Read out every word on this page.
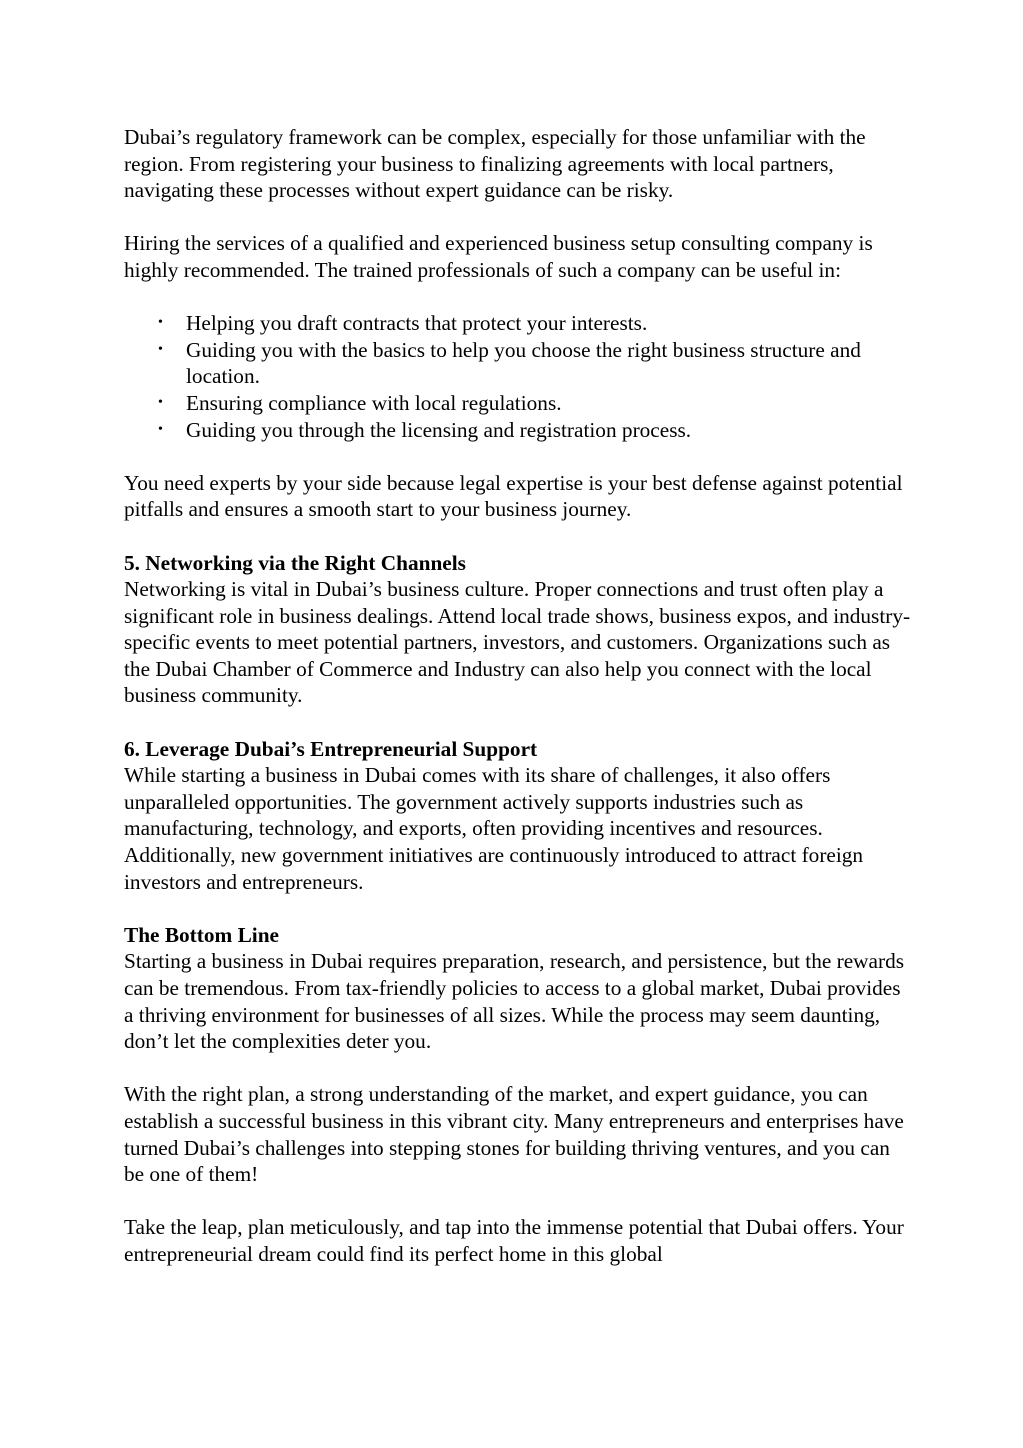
Dubai’s regulatory framework can be complex, especially for those unfamiliar with the region. From registering your business to finalizing agreements with local partners, navigating these processes without expert guidance can be risky.

Hiring the services of a qualified and experienced business setup consulting company is highly recommended. The trained professionals of such a company can be useful in:

• Helping you draft contracts that protect your interests.
• Guiding you with the basics to help you choose the right business structure and location.
• Ensuring compliance with local regulations.
• Guiding you through the licensing and registration process.

You need experts by your side because legal expertise is your best defense against potential pitfalls and ensures a smooth start to your business journey.

5. Networking via the Right Channels
Networking is vital in Dubai’s business culture. Proper connections and trust often play a significant role in business dealings. Attend local trade shows, business expos, and industry-specific events to meet potential partners, investors, and customers. Organizations such as the Dubai Chamber of Commerce and Industry can also help you connect with the local business community.

6. Leverage Dubai’s Entrepreneurial Support
While starting a business in Dubai comes with its share of challenges, it also offers unparalleled opportunities. The government actively supports industries such as manufacturing, technology, and exports, often providing incentives and resources. Additionally, new government initiatives are continuously introduced to attract foreign investors and entrepreneurs.

The Bottom Line
Starting a business in Dubai requires preparation, research, and persistence, but the rewards can be tremendous. From tax-friendly policies to access to a global market, Dubai provides a thriving environment for businesses of all sizes. While the process may seem daunting, don’t let the complexities deter you.

With the right plan, a strong understanding of the market, and expert guidance, you can establish a successful business in this vibrant city. Many entrepreneurs and enterprises have turned Dubai’s challenges into stepping stones for building thriving ventures, and you can be one of them!

Take the leap, plan meticulously, and tap into the immense potential that Dubai offers. Your entrepreneurial dream could find its perfect home in this global
